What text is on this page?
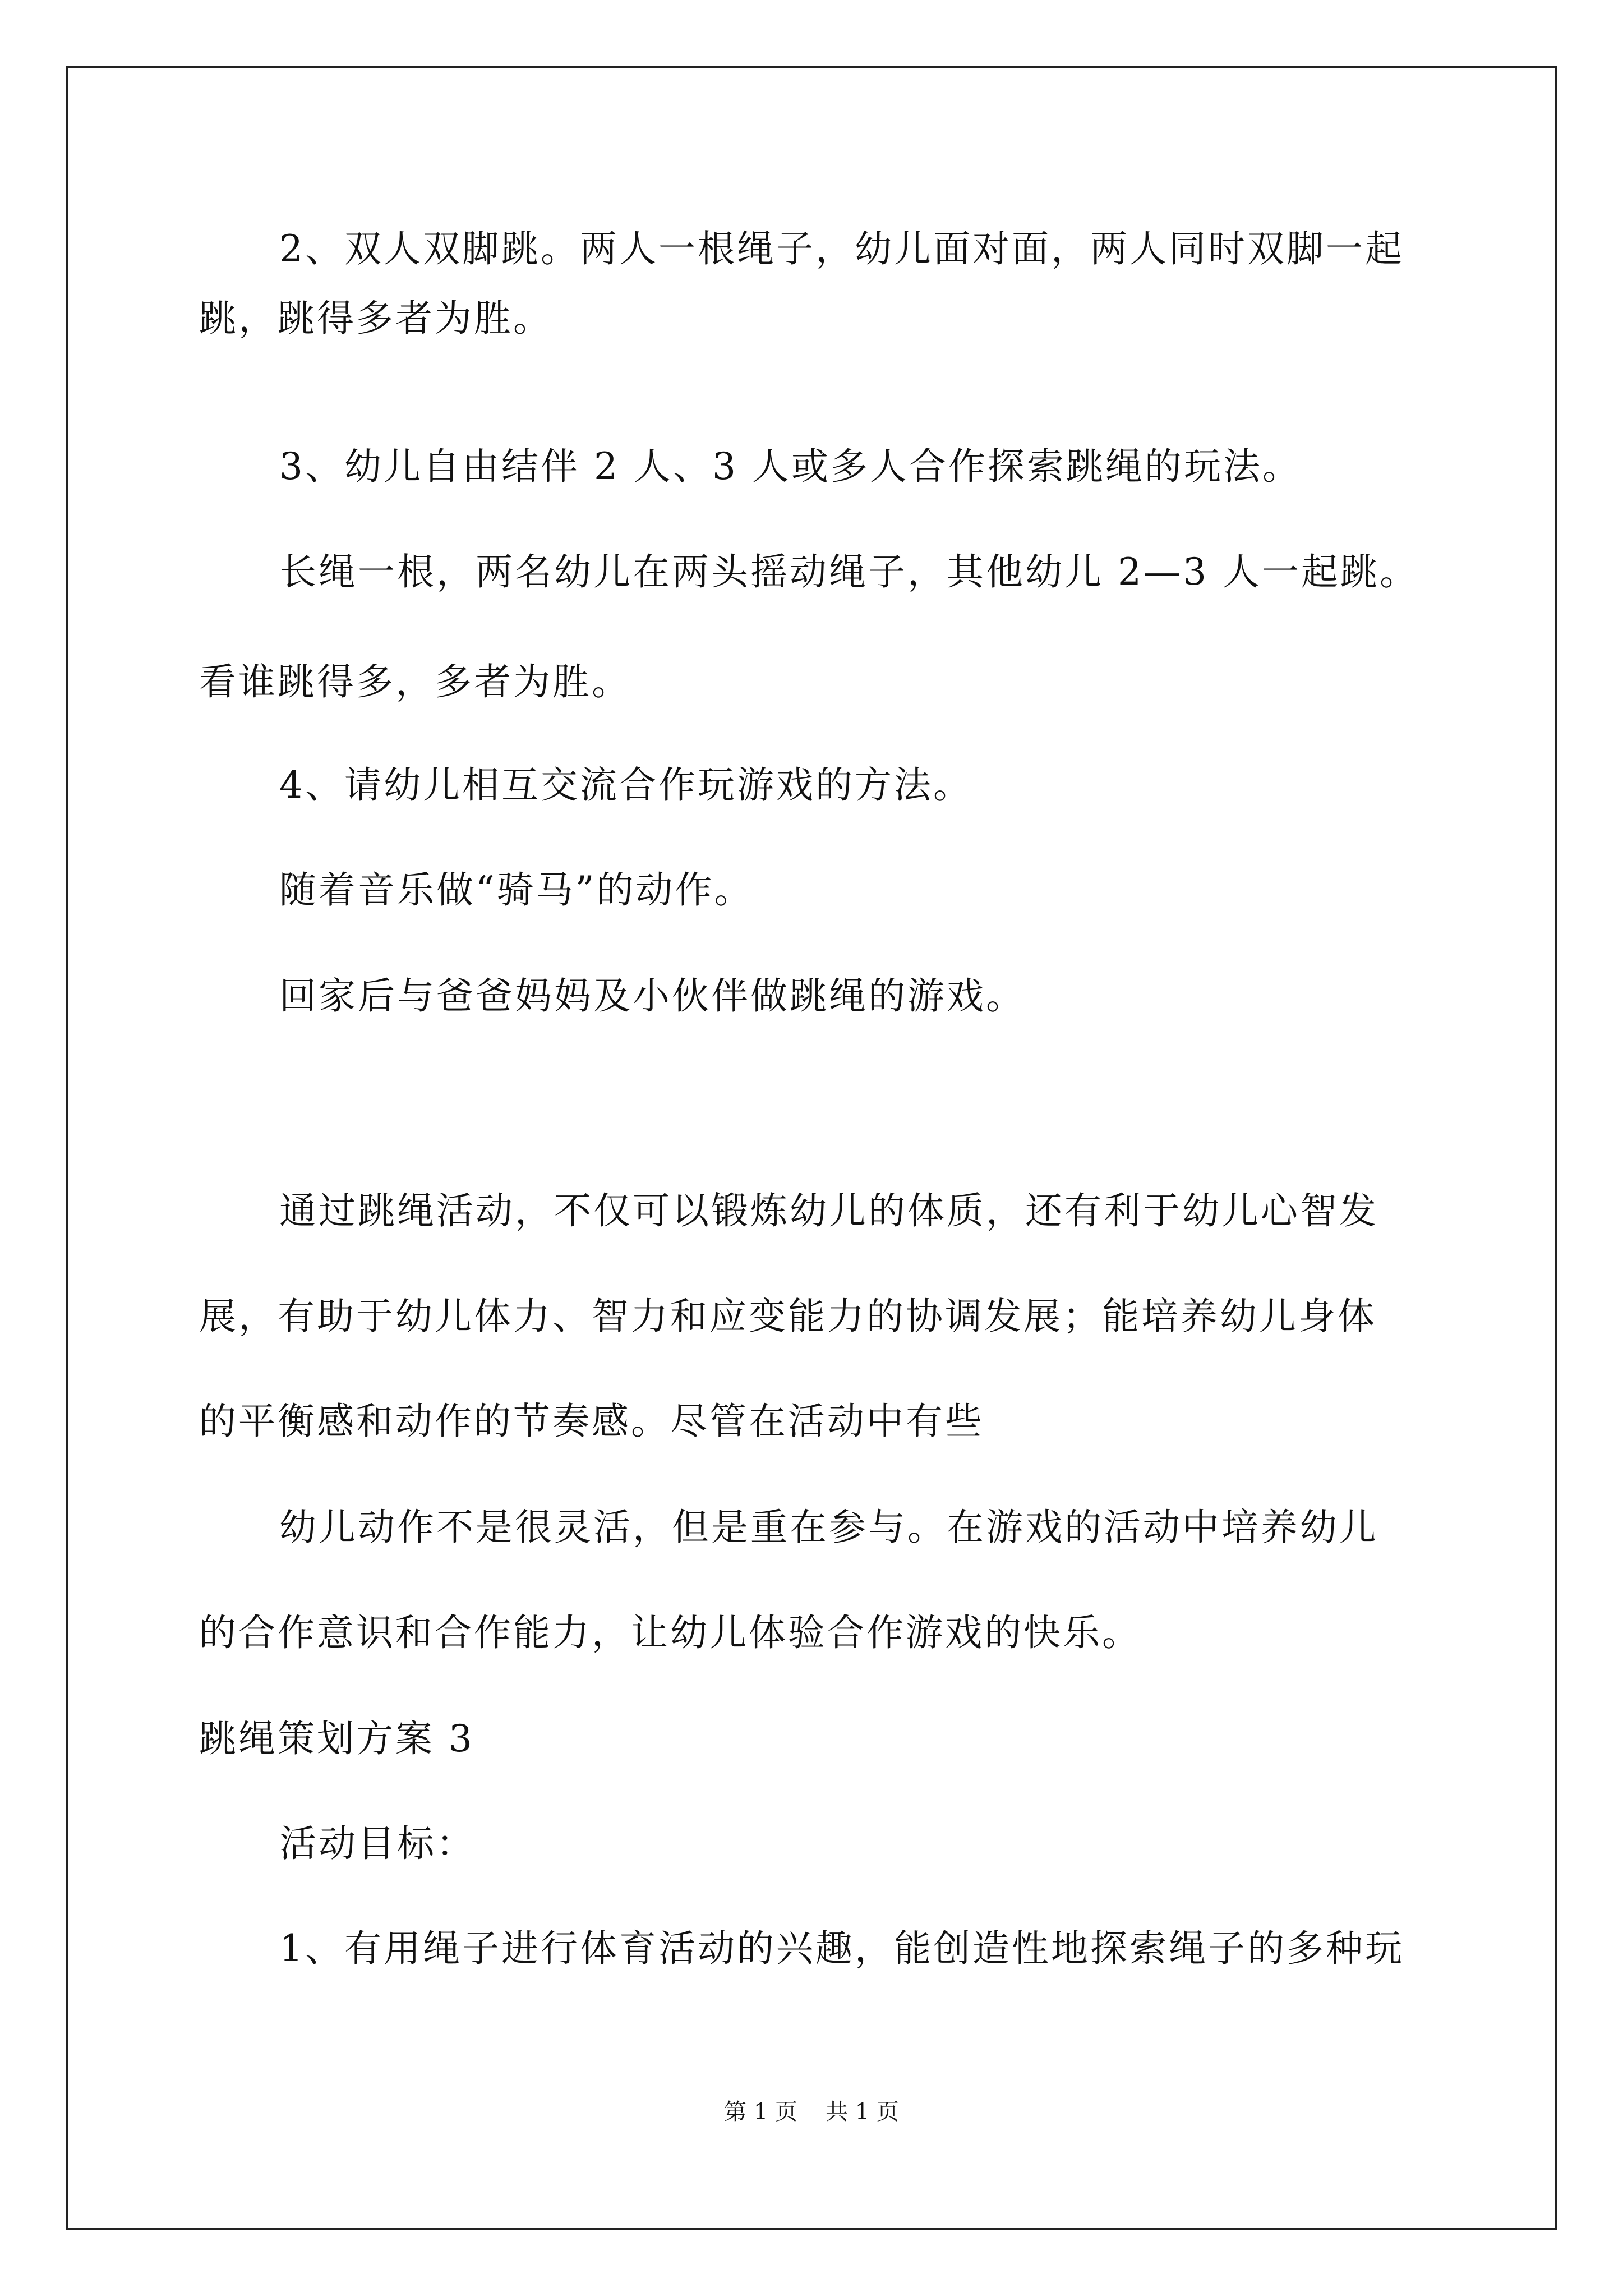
2、双人双脚跳。两人一根绳子，幼儿面对面，两人同时双脚一起
跳，跳得多者为胜。
3、幼儿自由结伴 2 人、3 人或多人合作探索跳绳的玩法。
长绳一根，两名幼儿在两头摇动绳子，其他幼儿 2—3 人一起跳。
看谁跳得多，多者为胜。
4、请幼儿相互交流合作玩游戏的方法。
随着音乐做“骑马”的动作。
回家后与爸爸妈妈及小伙伴做跳绳的游戏。
通过跳绳活动，不仅可以锻炼幼儿的体质，还有利于幼儿心智发
展，有助于幼儿体力、智力和应变能力的协调发展；能培养幼儿身体
的平衡感和动作的节奏感。尽管在活动中有些
幼儿动作不是很灵活，但是重在参与。在游戏的活动中培养幼儿
的合作意识和合作能力，让幼儿体验合作游戏的快乐。
跳绳策划方案 3
活动目标：
1、有用绳子进行体育活动的兴趣，能创造性地探索绳子的多种玩
第 1 页 共 1 页
